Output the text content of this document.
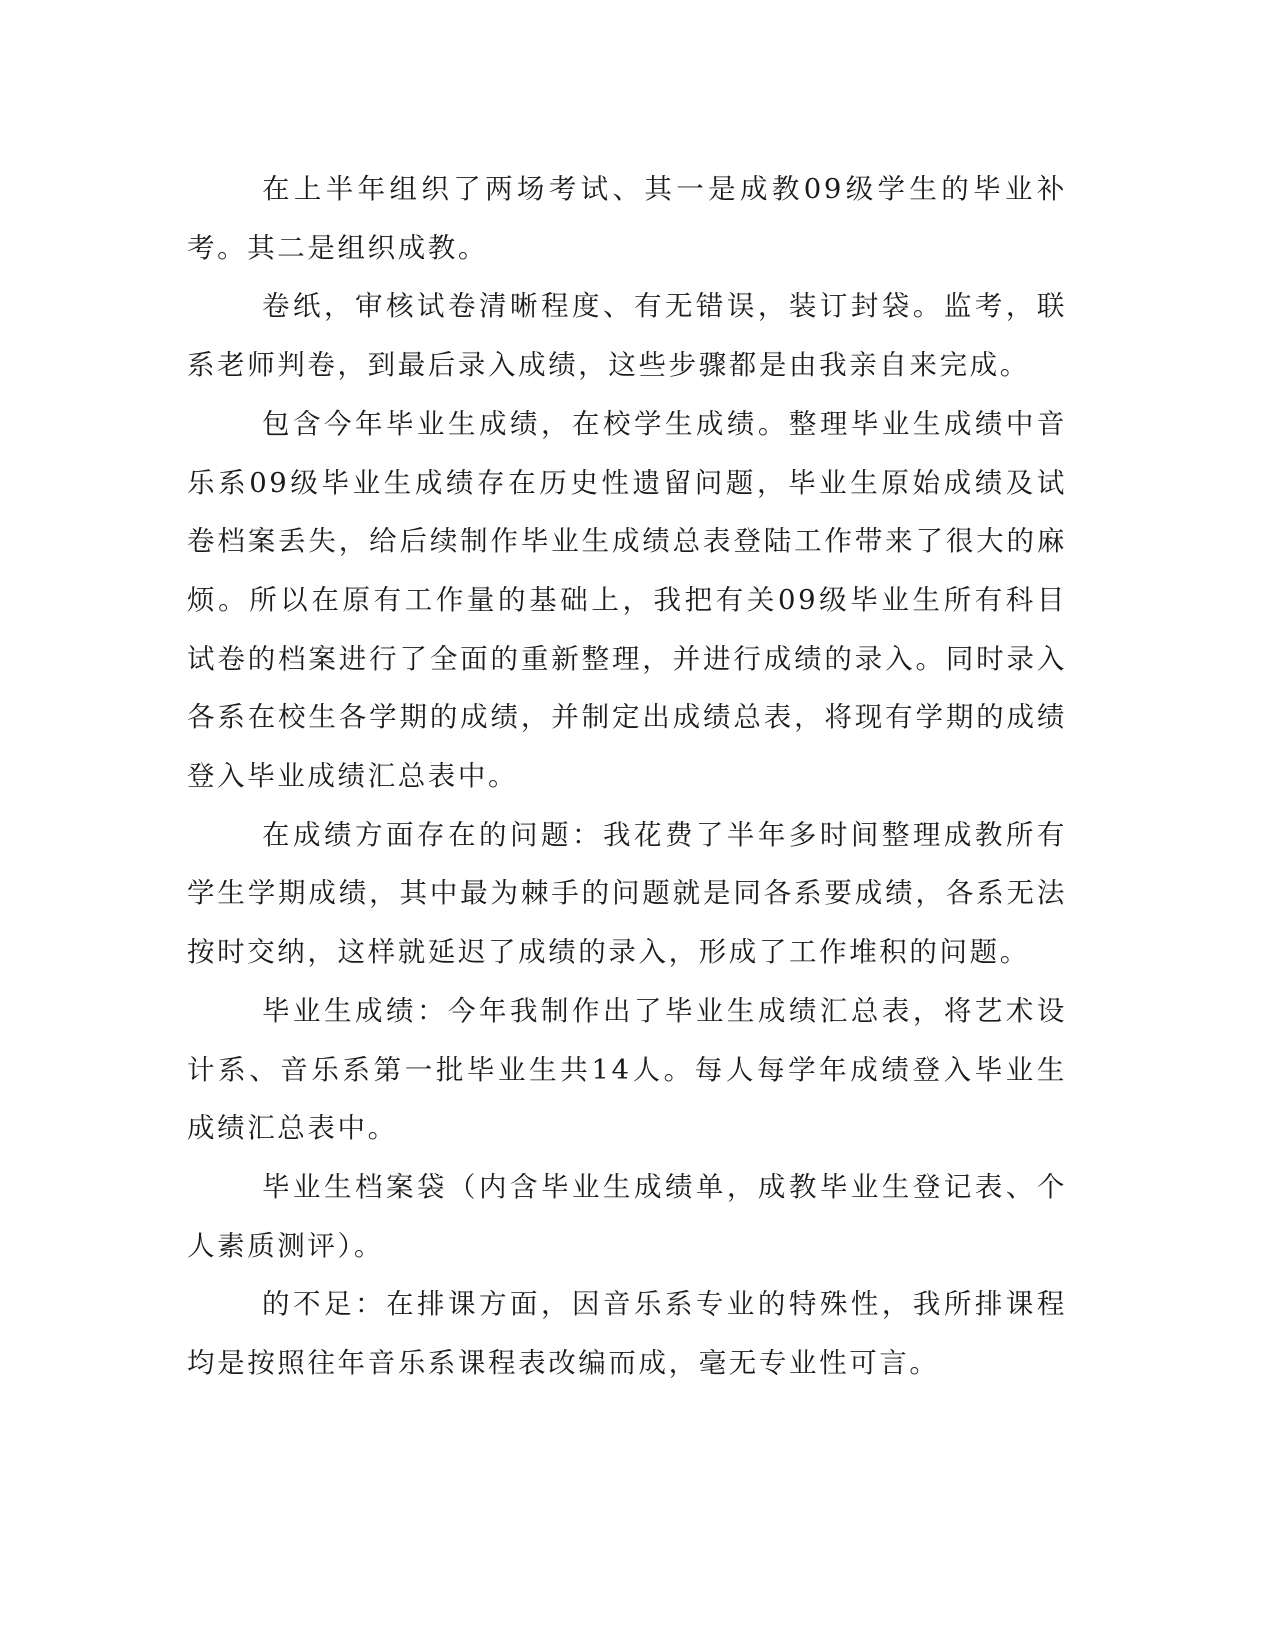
在上半年组织了两场考试、其一是成教09级学生的毕业补考。其二是组织成教。

卷纸，审核试卷清晰程度、有无错误，装订封袋。监考，联系老师判卷，到最后录入成绩，这些步骤都是由我亲自来完成。

包含今年毕业生成绩，在校学生成绩。整理毕业生成绩中音乐系09级毕业生成绩存在历史性遗留问题，毕业生原始成绩及试卷档案丢失，给后续制作毕业生成绩总表登陆工作带来了很大的麻烦。所以在原有工作量的基础上，我把有关09级毕业生所有科目试卷的档案进行了全面的重新整理，并进行成绩的录入。同时录入各系在校生各学期的成绩，并制定出成绩总表，将现有学期的成绩登入毕业成绩汇总表中。

在成绩方面存在的问题：我花费了半年多时间整理成教所有学生学期成绩，其中最为棘手的问题就是同各系要成绩，各系无法按时交纳，这样就延迟了成绩的录入，形成了工作堆积的问题。

毕业生成绩：今年我制作出了毕业生成绩汇总表，将艺术设计系、音乐系第一批毕业生共14人。每人每学年成绩登入毕业生成绩汇总表中。

毕业生档案袋（内含毕业生成绩单，成教毕业生登记表、个人素质测评）。

的不足：在排课方面，因音乐系专业的特殊性，我所排课程均是按照往年音乐系课程表改编而成，毫无专业性可言。
